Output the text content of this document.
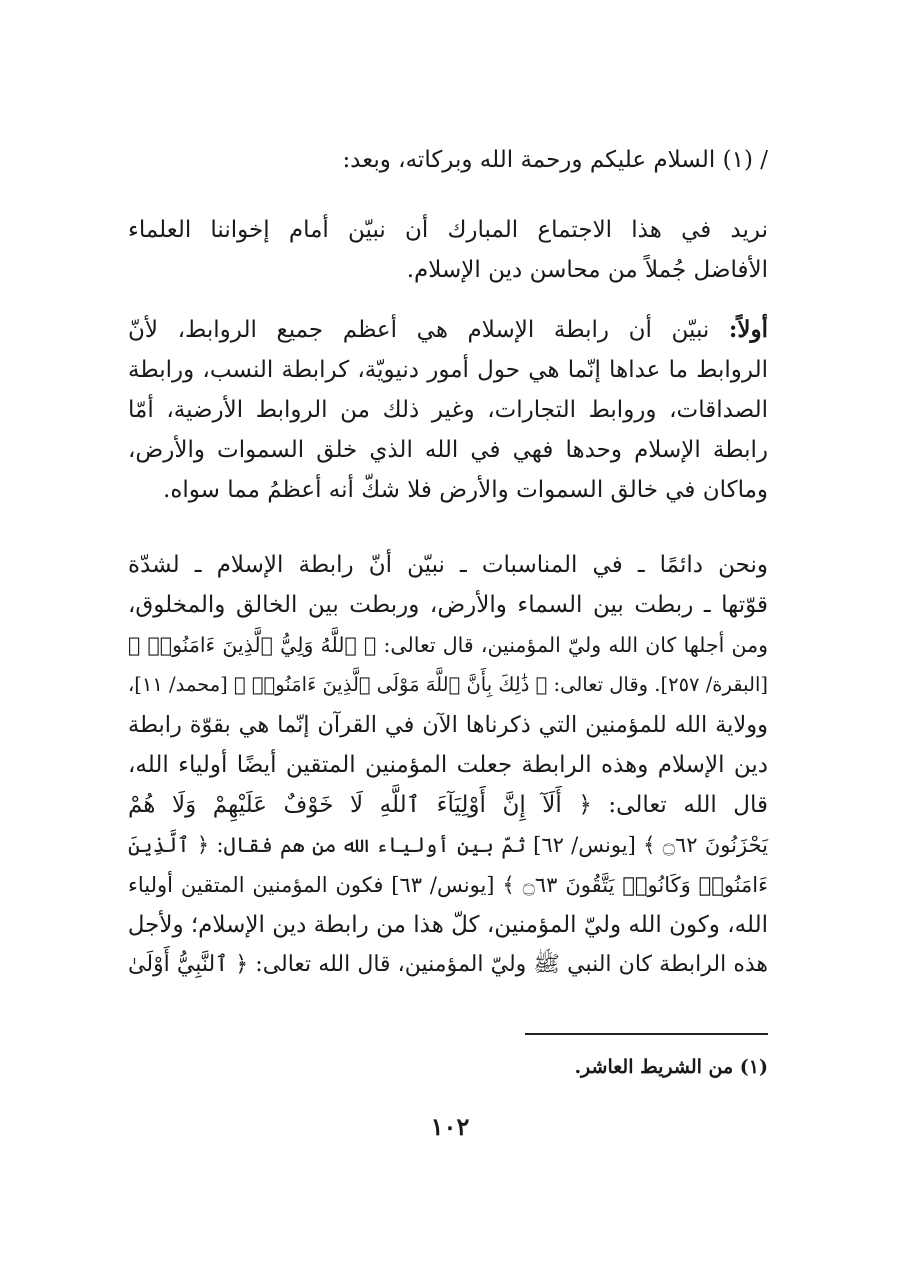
/ (١) السلام عليكم ورحمة الله وبركاته، وبعد:
نريد في هذا الاجتماع المبارك أن نبيّن أمام إخواننا العلماء
الأفاضل جُملاً من محاسن دين الإسلام.
أولاً: نبيّن أن رابطة الإسلام هي أعظم جميع الروابط، لأنّ
الروابط ما عداها إنّما هي حول أمور دنيويّة، كرابطة النسب، ورابطة
الصداقات، وروابط التجارات، وغير ذلك من الروابط الأرضية، أمّا
رابطة الإسلام وحدها فهي في الله الذي خلق السموات والأرض،
وماكان في خالق السموات والأرض فلا شكّ أنه أعظمُ مما سواه.
ونحن دائمًا ـ في المناسبات ـ نبيّن أنّ رابطة الإسلام ـ لشدّة
قوّتها ـ ربطت بين السماء والأرض، وربطت بين الخالق والمخلوق،
ومن أجلها كان الله وليّ المؤمنين، قال تعالى: ﴿ ٱللَّهُ وَلِيُّ ٱلَّذِينَ ءَامَنُوا۟ ﴾
[البقرة/ ٢٥٧]. وقال تعالى: ﴿ ذَٰلِكَ بِأَنَّ ٱللَّهَ مَوْلَى ٱلَّذِينَ ءَامَنُوا۟ ﴾ [محمد/ ١١]،
وولاية الله للمؤمنين التي ذكرناها الآن في القرآن إنّما هي بقوّة رابطة
دين الإسلام وهذه الرابطة جعلت المؤمنين المتقين أيضًا أولياء الله،
قال الله تعالى: ﴿ أَلَآ إِنَّ أَوْلِيَآءَ ٱللَّهِ لَا خَوْفٌ عَلَيْهِمْ وَلَا هُمْ
يَحْزَنُونَ ۝٦٢ ﴾ [يونس/ ٦٢] ثمّ بين أولياء الله من هم فقال: ﴿ ٱلَّذِينَ
ءَامَنُوا۟ وَكَانُوا۟ يَتَّقُونَ ۝٦٣ ﴾ [يونس/ ٦٣] فكون المؤمنين المتقين أولياء
الله، وكون الله وليّ المؤمنين، كلّ هذا من رابطة دين الإسلام؛ ولأجل
هذه الرابطة كان النبي ﷺ وليّ المؤمنين، قال الله تعالى: ﴿ ٱلنَّبِيُّ أَوْلَىٰ
(١) من الشريط العاشر.
١٠٢
